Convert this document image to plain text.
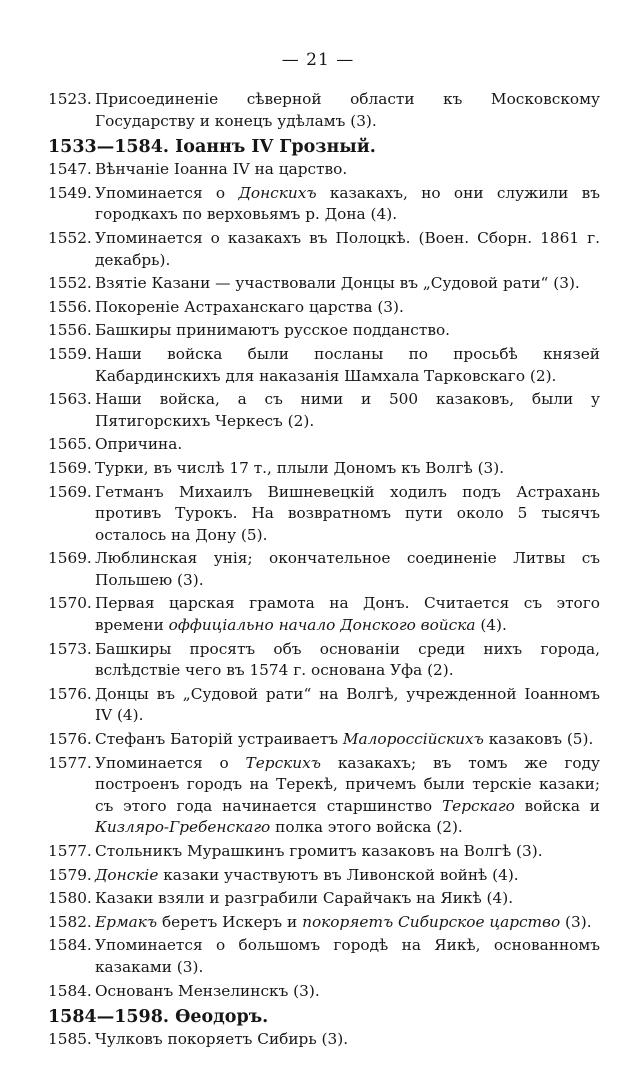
— 21 —
1523. Присоединеніе сѣверной области къ Московскому Государству и конецъ удѣламъ (3).
1533—1584. Іоаннъ IV Грозный.
1547. Вѣнчаніе Іоанна IV на царство.
1549. Упоминается о Донскихъ казакахъ, но они служили въ городкахъ по верховьямъ р. Дона (4).
1552. Упоминается о казакахъ въ Полоцкѣ. (Воен. Сборн. 1861 г. декабрь).
1552. Взятіе Казани — участвовали Донцы въ „Судовой рати“ (3).
1556. Покореніе Астраханскаго царства (3).
1556. Башкиры принимаютъ русское подданство.
1559. Наши войска были посланы по просьбѣ князей Кабардинскихъ для наказанія Шамхала Тарковскаго (2).
1563. Наши войска, а съ ними и 500 казаковъ, были у Пятигорскихъ Черкесъ (2).
1565. Опричина.
1569. Турки, въ числѣ 17 т., плыли Дономъ къ Волгѣ (3).
1569. Гетманъ Михаилъ Вишневецкій ходилъ подъ Астрахань противъ Турокъ. На возвратномъ пути около 5 тысячъ осталось на Дону (5).
1569. Люблинская унія; окончательное соединеніе Литвы съ Польшею (3).
1570. Первая царская грамота на Донъ. Считается съ этого времени оффиціально начало Донского войска (4).
1573. Башкиры просятъ объ основаніи среди нихъ города, вслѣдствіе чего въ 1574 г. основана Уфа (2).
1576. Донцы въ „Судовой рати“ на Волгѣ, учрежденной Іоанномъ IV (4).
1576. Стефанъ Баторій устраиваетъ Малороссійскихъ казаковъ (5).
1577. Упоминается о Терскихъ казакахъ; въ томъ же году построенъ городъ на Терекѣ, причемъ были терскіе казаки; съ этого года начинается старшинство Терскаго войска и Кизляро-Гребенскаго полка этого войска (2).
1577. Стольникъ Мурашкинъ громитъ казаковъ на Волгѣ (3).
1579. Донскіе казаки участвуютъ въ Ливонской войнѣ (4).
1580. Казаки взяли и разграбили Сарайчакъ на Яикѣ (4).
1582. Ермакъ беретъ Искеръ и покоряетъ Сибирское царство (3).
1584. Упоминается о большомъ городѣ на Яикѣ, основанномъ казаками (3).
1584. Основанъ Мензелинскъ (3).
1584—1598. Ѳеодоръ.
1585. Чулковъ покоряетъ Сибирь (3).
